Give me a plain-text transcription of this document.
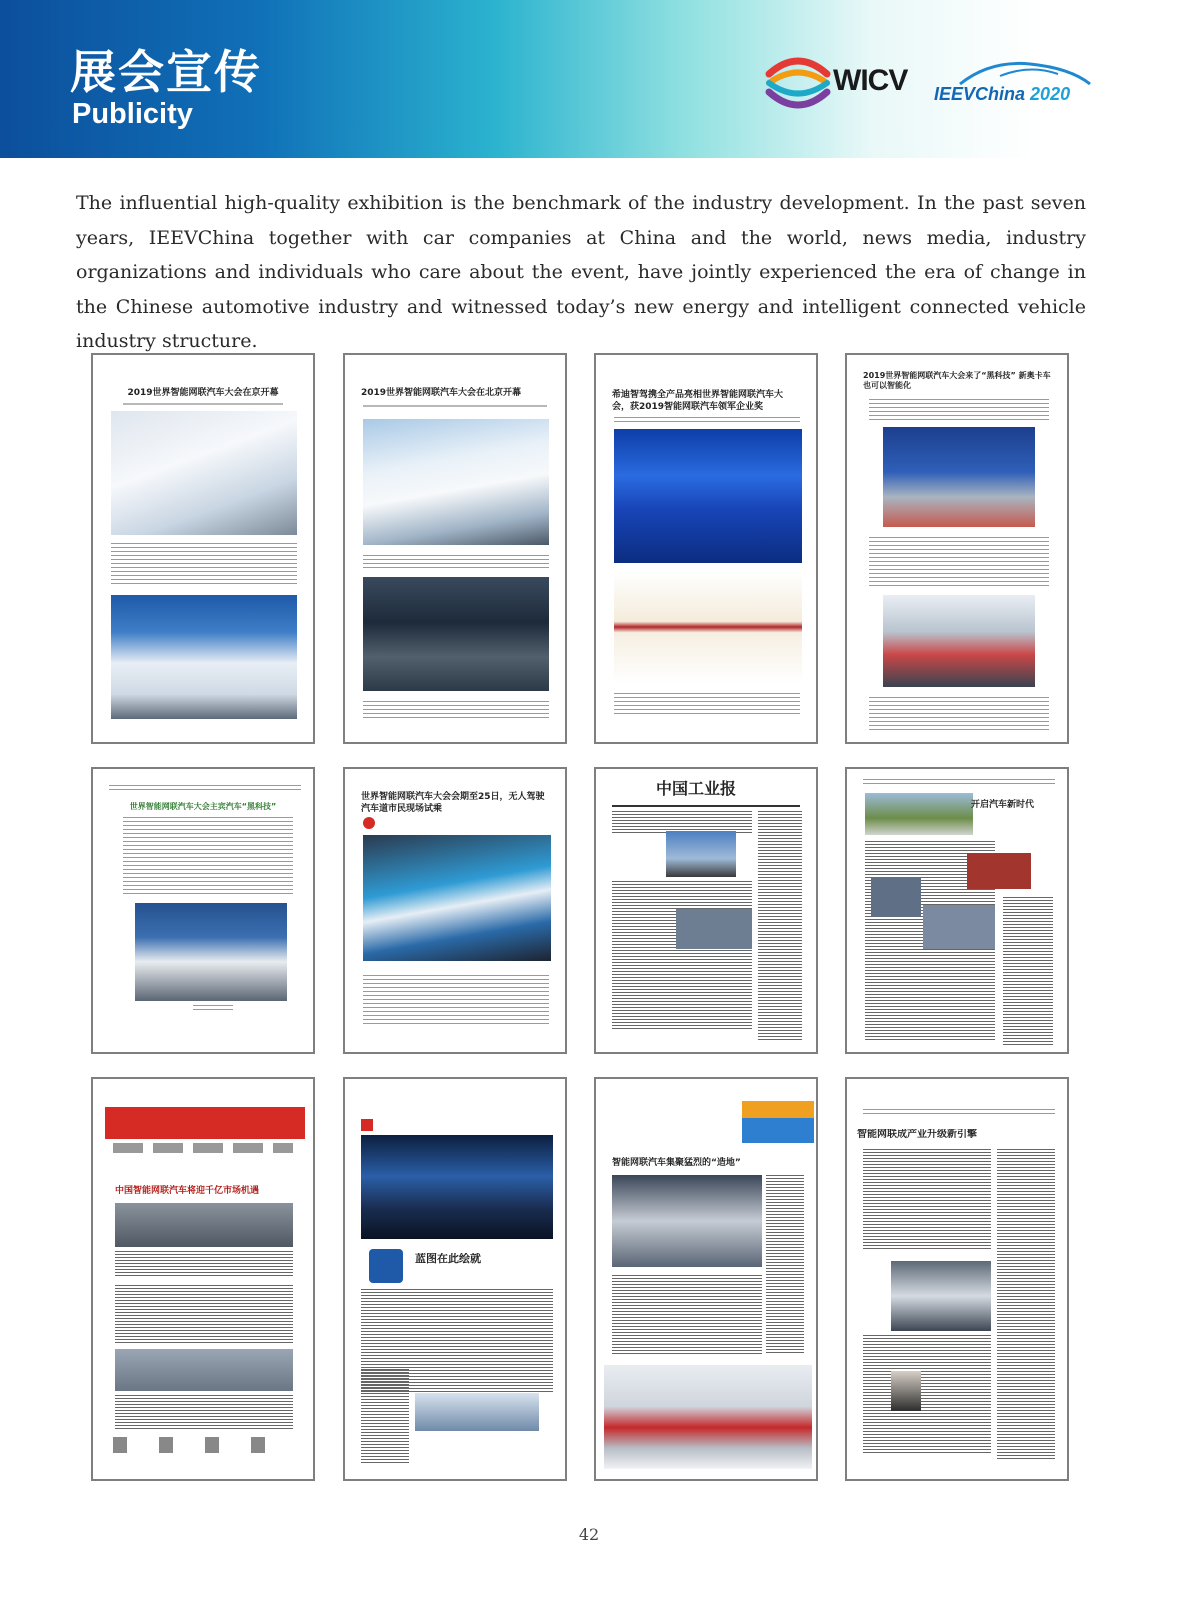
展会宣传
Publicity
WICV IEEVChina 2020
The influential high-quality exhibition is the benchmark of the industry development. In the past seven years, IEEVChina together with car companies at China and the world, news media, industry organizations and individuals who care about the event, have jointly experienced the era of change in the Chinese automotive industry and witnessed today’s new energy and intelligent connected vehicle industry structure.
2019世界智能网联汽车大会在京开幕	2019世界智能网联汽车大会在北京开幕	希迪智驾携全产品亮相世界智能网联汽车大会，获2019智能网联汽车领军企业奖
2019世界智能网联汽车大会来了“黑科技” 新奥卡车也可以智能化
世界智能网联汽车大会主宾汽车“黑科技”
世界智能网联汽车大会会期至25日，无人驾驶汽车道市民现场试乘
中国工业报
开启汽车新时代
中国智能网联汽车将迎千亿市场机遇
蓝图在此绘就
智能网联汽车集聚猛烈的“造地”
智能网联成产业升级新引擎
42
